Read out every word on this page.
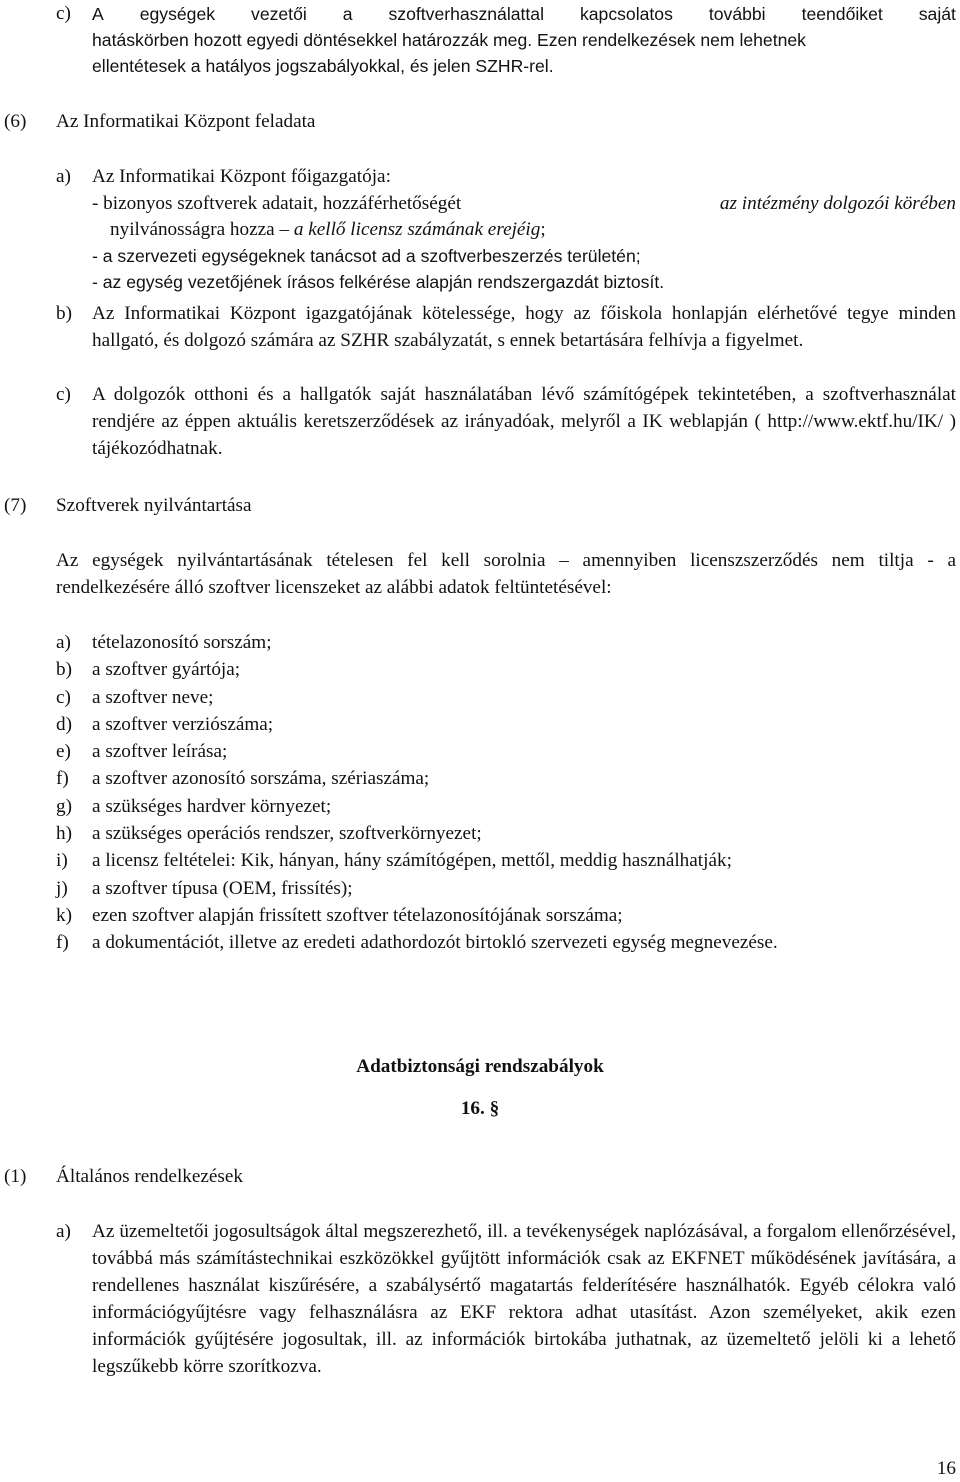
c) A egységek vezetői a szoftverhasználattal kapcsolatos további teendőiket saját
hatáskörben hozott egyedi döntésekkel határozzák meg. Ezen rendelkezések nem lehetnek
ellentétesek a hatályos jogszabályokkal, és jelen SZHR-rel.
(6) Az Informatikai Központ feladata
a) Az Informatikai Központ főigazgatója:
- bizonyos szoftverek adatait, hozzáférhetőségét	az intézmény dolgozói körében
nyilvánosságra hozza – a kellő licensz számának erejéig;
- a szervezeti egységeknek tanácsot ad a szoftverbeszerzés területén;
- az egység vezetőjének írásos felkérése alapján rendszergazdát biztosít.
b) Az Informatikai Központ igazgatójának kötelessége, hogy az főiskola honlapján elérhetővé tegye minden hallgató, és dolgozó számára az SZHR szabályzatát, s ennek betartására felhívja a figyelmet.
c) A dolgozók otthoni és a hallgatók saját használatában lévő számítógépek tekintetében, a szoftverhasználat rendjére az éppen aktuális keretszerződések az irányadóak, melyről a IK weblapján ( http://www.ektf.hu/IK/ ) tájékozódhatnak.
(7) Szoftverek nyilvántartása
Az egységek nyilvántartásának tételesen fel kell sorolnia – amennyiben licenszszerződés nem tiltja - a rendelkezésére álló szoftver licenszeket az alábbi adatok feltüntetésével:
a) tételazonosító sorszám;
b) a szoftver gyártója;
c) a szoftver neve;
d) a szoftver verziószáma;
e) a szoftver leírása;
f) a szoftver azonosító sorszáma, szériaszáma;
g) a szükséges hardver környezet;
h) a szükséges operációs rendszer, szoftverkörnyezet;
i) a licensz feltételei: Kik, hányan, hány számítógépen, mettől, meddig használhatják;
j) a szoftver típusa (OEM, frissítés);
k) ezen szoftver alapján frissített szoftver tételazonosítójának sorszáma;
f) a dokumentációt, illetve az eredeti adathordozót birtokló szervezeti egység megnevezése.
Adatbiztonsági rendszabályok
16. §
(1) Általános rendelkezések
a) Az üzemeltetői jogosultságok által megszerezhető, ill. a tevékenységek naplózásával, a forgalom ellenőrzésével, továbbá más számítástechnikai eszközökkel gyűjtött információk csak az EKFNET működésének javítására, a rendellenes használat kiszűrésére, a szabálysértő magatartás felderítésére használhatók. Egyéb célokra való információgyűjtésre vagy felhasználásra az EKF rektora adhat utasítást. Azon személyeket, akik ezen információk gyűjtésére jogosultak, ill. az információk birtokába juthatnak, az üzemeltető jelöli ki a lehető legszűkebb körre szorítkozva.
16
